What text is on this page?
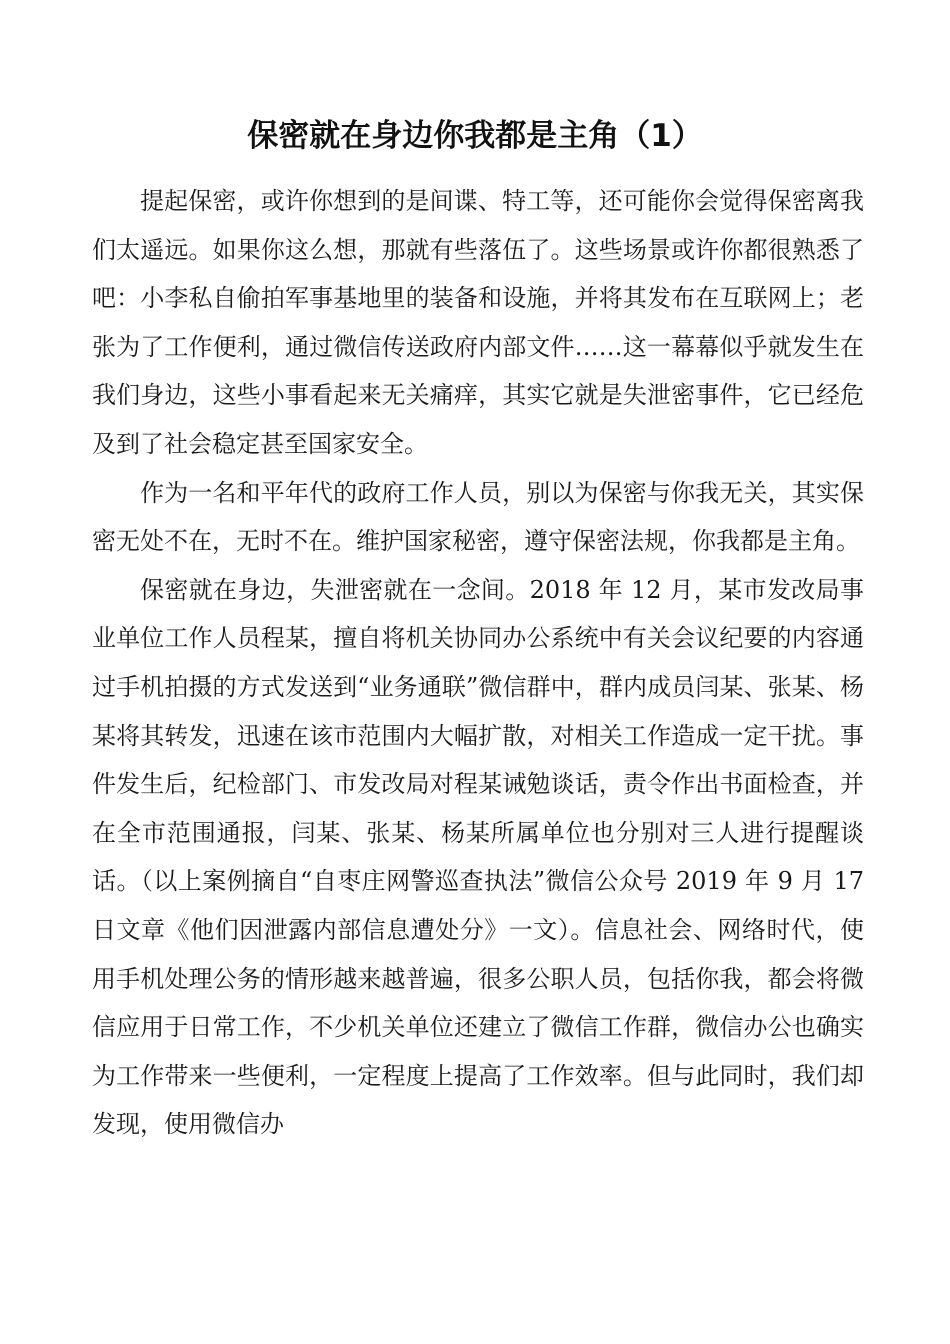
保密就在身边你我都是主角（1）

提起保密，或许你想到的是间谍、特工等，还可能你会觉得保密离我们太遥远。如果你这么想，那就有些落伍了。这些场景或许你都很熟悉了吧：小李私自偷拍军事基地里的装备和设施，并将其发布在互联网上；老张为了工作便利，通过微信传送政府内部文件……这一幕幕似乎就发生在我们身边，这些小事看起来无关痛痒，其实它就是失泄密事件，它已经危及到了社会稳定甚至国家安全。

作为一名和平年代的政府工作人员，别以为保密与你我无关，其实保密无处不在，无时不在。维护国家秘密，遵守保密法规，你我都是主角。

保密就在身边，失泄密就在一念间。2018 年 12 月，某市发改局事业单位工作人员程某，擅自将机关协同办公系统中有关会议纪要的内容通过手机拍摄的方式发送到“业务通联”微信群中，群内成员闫某、张某、杨某将其转发，迅速在该市范围内大幅扩散，对相关工作造成一定干扰。事件发生后，纪检部门、市发改局对程某诫勉谈话，责令作出书面检查，并在全市范围通报，闫某、张某、杨某所属单位也分别对三人进行提醒谈话。（以上案例摘自“自枣庄网警巡查执法”微信公众号 2019 年 9 月 17 日文章《他们因泄露内部信息遭处分》一文）。信息社会、网络时代，使用手机处理公务的情形越来越普遍，很多公职人员，包括你我，都会将微信应用于日常工作，不少机关单位还建立了微信工作群，微信办公也确实为工作带来一些便利，一定程度上提高了工作效率。但与此同时，我们却发现，使用微信办
